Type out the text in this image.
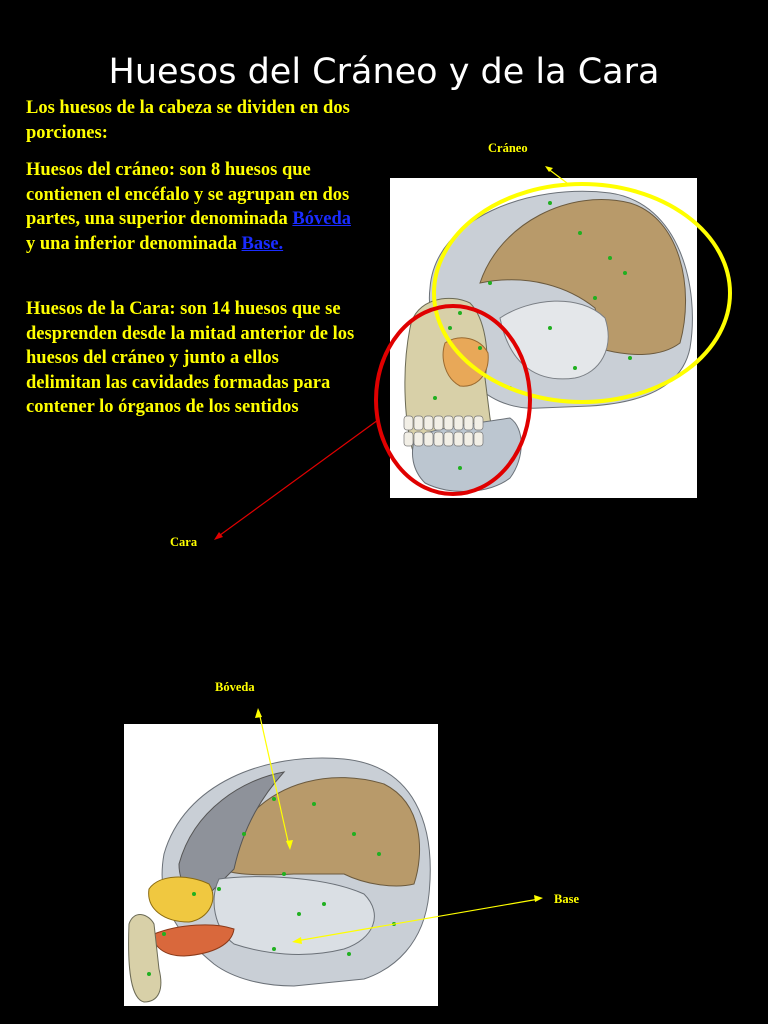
Huesos del Cráneo y de la Cara

Los huesos de la cabeza se dividen en dos porciones:

Huesos del cráneo: son 8 huesos que contienen el encéfalo y se agrupan en dos partes, una superior denominada Bóveda y una inferior denominada Base.

Huesos de la Cara: son 14 huesos que se desprenden desde la mitad anterior de los huesos del cráneo y junto a ellos delimitan las cavidades formadas para contener lo órganos de los sentidos

Cráneo
Cara
Bóveda
Base
